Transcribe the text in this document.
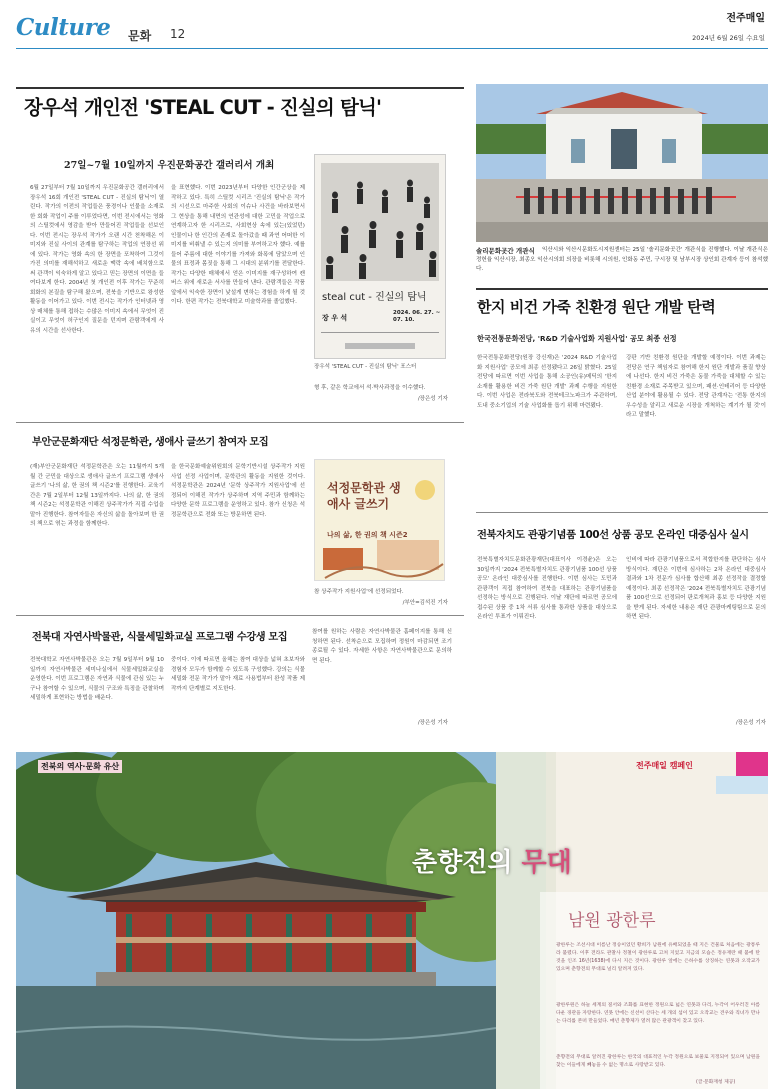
Culture 문화 12
전주매일
2024년 6월 26일 수요일
장우석 개인전 'STEAL CUT - 진실의 탐닉'
27일~7월 10일까지 우진문화공간 갤러리서 개최
6월 27일부터 7월 10일까지 우진문화공간 갤러리에서 장우석 16회 개인전 'STEAL CUT - 진실의 탐닉'이 열린다. 작가의 이전의 작업들은 풍경이나 인물을 소재로 한 회화 작업이 주를 이루었다면, 이번 전시에서는 영화의 스틸컷에서 영감을 받아 만들어진 작업들을 선보인다. 이번 전시는 장우석 작가가 오랜 시간 천착해온 이미지와 진실 사이의 관계를 탐구하는 작업의 연장선 위에 있다. 작가는 영화 속의 한 장면을 포착하여 그것이 가진 의미를 재해석하고 새로운 맥락 속에 배치함으로써 관객이 익숙하게 알고 있다고 믿는 장면의 이면을 들여다보게 한다. 2004년 첫 개인전 이후 작가는 꾸준히 회화의 본질을 탐구해 왔으며, 전북을 기반으로 왕성한 활동을 이어가고 있다. 이번 전시는 작가가 인터넷과 영상 매체를 통해 접하는 수많은 이미지 속에서 무엇이 진실이고 무엇이 허구인지 질문을 던지며 관람객에게 사유의 시간을 선사한다.
을 표현했다. 이번 2023년부터 다양한 인간군상을 제작하고 있다. 특히 스틸컷 시리즈 '진실의 탐닉'은 작가의 시선으로 마주한 사회의 이슈나 사건을 바라보면서 그 현상을 통해 내면의 연관성에 대한 고민을 작업으로 연계하고자 한 시리즈로, 사회현상 속에 있는(있었던) 인물이나 한 인간의 존재로 돌아갔을 때 과연 어떠한 이미지를 비춰낼 수 있는지 의미를 부여하고자 했다. 예를 들어 주름에 대한 이야기를 가져와 화폭에 담았으며 인물의 표정과 몸짓을 통해 그 시대의 분위기를 전달한다. 작가는 다양한 매체에서 얻은 이미지를 재구성하여 캔버스 위에 새로운 서사를 만들어 낸다. 관람객들은 작품 앞에서 익숙한 장면이 낯설게 변하는 경험을 하게 될 것이다. 한편 작가는 전북대학교 미술학과를 졸업했다.	steal cut - 진실의 탐닉
장 우 석
2024. 06. 27. ~ 07. 10.
장우석 'STEAL CUT - 진실의 탐닉' 포스터
형 후, 같은 학교에서 석·박사과정을 이수했다.
/장은성 기자
솔리문화곳간 개관식	익산시와 익산시문화도시지원센터는 25일 '솔리문화곳간' 개관식을 진행했다. 이날 개관식은 정헌율 익산시장, 최종오 익산시의회 의장을 비롯해 시의원, 인화동 주민, 구시장 및 남부시장 상인회 관계자 등이 참석했다.
한지 비건 가죽 친환경 원단 개발 탄력
한국전통문화전당, 'R&D 기술사업화 지원사업' 공모 최종 선정
한국전통문화전당(원장 강신재)은 '2024 R&D 기술사업화 지원사업' 공모에 최종 선정됐다고 26일 밝혔다. 25일 전당에 따르면 이번 사업을 통해 소공인(유)메딕의 '한지소재를 활용한 비건 가죽 원단 개발' 과제 수행을 지원한다. 이번 사업은 전라북도와 전북테크노파크가 주관하며, 도내 중소기업의 기술 사업화를 돕기 위해 마련됐다.
강판 기반 친환경 원단을 개발할 예정이다. 이번 과제는 전당은 연구 책임자로 참여해 한지 원단 개발과 품질 향상에 나선다. 한지 비건 가죽은 동물 가죽을 대체할 수 있는 친환경 소재로 주목받고 있으며, 패션·인테리어 등 다양한 산업 분야에 활용될 수 있다. 전당 관계자는 '전통 한지의 우수성을 알리고 새로운 시장을 개척하는 계기가 될 것'이라고 말했다.
전북자치도 관광기념품 100선 상품 공모 온라인 대중심사 실시
전북특별자치도문화관광재단(대표이사 이경윤)은 오는 30일까지 '2024 전북특별자치도 관광기념품 100선 상품 공모' 온라인 대중심사를 진행한다. 이번 심사는 도민과 관광객이 직접 참여하여 전북을 대표하는 관광기념품을 선정하는 방식으로 진행된다. 이날 재단에 따르면 공모에 접수된 상품 중 1차 서류 심사를 통과한 상품을 대상으로 온라인 투표가 이뤄진다.
인비에 따라 관광기념품으로서 적합한지를 판단하는 심사 방식이다. 재단은 이번에 심사하는 2차 온라인 대중심사 결과와 1차 전문가 심사를 합산해 최종 선정작을 결정할 예정이다. 최종 선정작은 '2024 전북특별자치도 관광기념품 100선'으로 선정되어 판로개척과 홍보 등 다양한 지원을 받게 된다. 자세한 내용은 재단 관광마케팅팀으로 문의하면 된다.
/장은성 기자
부안군문화재단 석정문학관, 생애사 글쓰기 참여자 모집
(재)부안군문화재단 석정문학관은 오는 11월까지 5개월 간 군민을 대상으로 생애사 글쓰기 프로그램 생애사 글쓰기 '나의 삶, 한 권의 책 시즌2'를 진행한다. 교육기간은 7월 2일부터 12월 13일까지다. 나의 삶, 한 권의 책 시즌2는 석정문학관 이해진 상주작가가 직접 수업을 맡아 진행한다. 참여자들은 자신의 삶을 돌아보며 한 권의 책으로 엮는 과정을 함께한다.
을 한국문화예술위원회의 문학기반시설 상주작가 지원사업 선정 사업이며, 문학관의 활동을 지원한 것이다. 석정문학관은 2024년 '문학 상주작가 지원사업'에 선정되어 이해진 작가가 상주하며 지역 주민과 함께하는 다양한 문학 프로그램을 운영하고 있다. 참가 신청은 석정문학관으로 전화 또는 방문하면 된다.
석정문학관 생애사 글쓰기
나의 삶, 한 권의 책 시즌2
참 상주작가 지원사업'에 선정되었다.
/부안=김석진 기자
전북대 자연사박물관, 식물세밀화교실 프로그램 수강생 모집
전북대학교 자연사박물관은 오는 7월 9일부터 9월 10일까지 자연사박물관 세미나실에서 식물세밀화교실을 운영한다. 이번 프로그램은 자연과 식물에 관심 있는 누구나 참여할 수 있으며, 식물의 구조와 특징을 관찰하며 세밀하게 표현하는 방법을 배운다.
중이다. 이에 따르면 올해는 참여 대상을 넓혀 초보자와 경험자 모두가 함께할 수 있도록 구성했다. 강의는 식물세밀화 전문 작가가 맡아 재료 사용법부터 완성 작품 제작까지 단계별로 지도한다.
참여를 원하는 사람은 자연사박물관 홈페이지를 통해 신청하면 된다. 선착순으로 모집하며 정원이 마감되면 조기 종료될 수 있다. 자세한 사항은 자연사박물관으로 문의하면 된다.
/장은성 기자
전북의 역사·문화 유산	전주매일 캠페인
춘향전의 무대
남원 광한루
광한루는 조선시대 이름난 정승이었던 황희가 남원에 유배되었을 때 지은 건물로 처음에는 광통루라 불렸다. 이후 전라도 관찰사 정철이 광한루로 고쳐 지었고 지금의 모습은 정유재란 때 불에 탄 것을 인조 16년(1638)에 다시 지은 것이다. 광한루 앞에는 은하수를 상징하는 연못과 오작교가 있으며 춘향전의 무대로 널리 알려져 있다.
광한루원은 하늘 세계의 질서와 조화를 표현한 정원으로 넓은 연못과 다리, 누각이 어우러진 아름다운 경관을 자랑한다. 연못 안에는 신선이 산다는 세 개의 섬이 있고 오작교는 견우와 직녀가 만나는 다리를 본떠 만들었다. 매년 춘향제가 열려 많은 관광객이 찾고 있다.
춘향전의 무대로 알려진 광한루는 한국의 대표적인 누각 정원으로 보물로 지정되어 있으며 남원을 찾는 이들에게 빼놓을 수 없는 명소로 사랑받고 있다.
(글·문화재청 제공)
